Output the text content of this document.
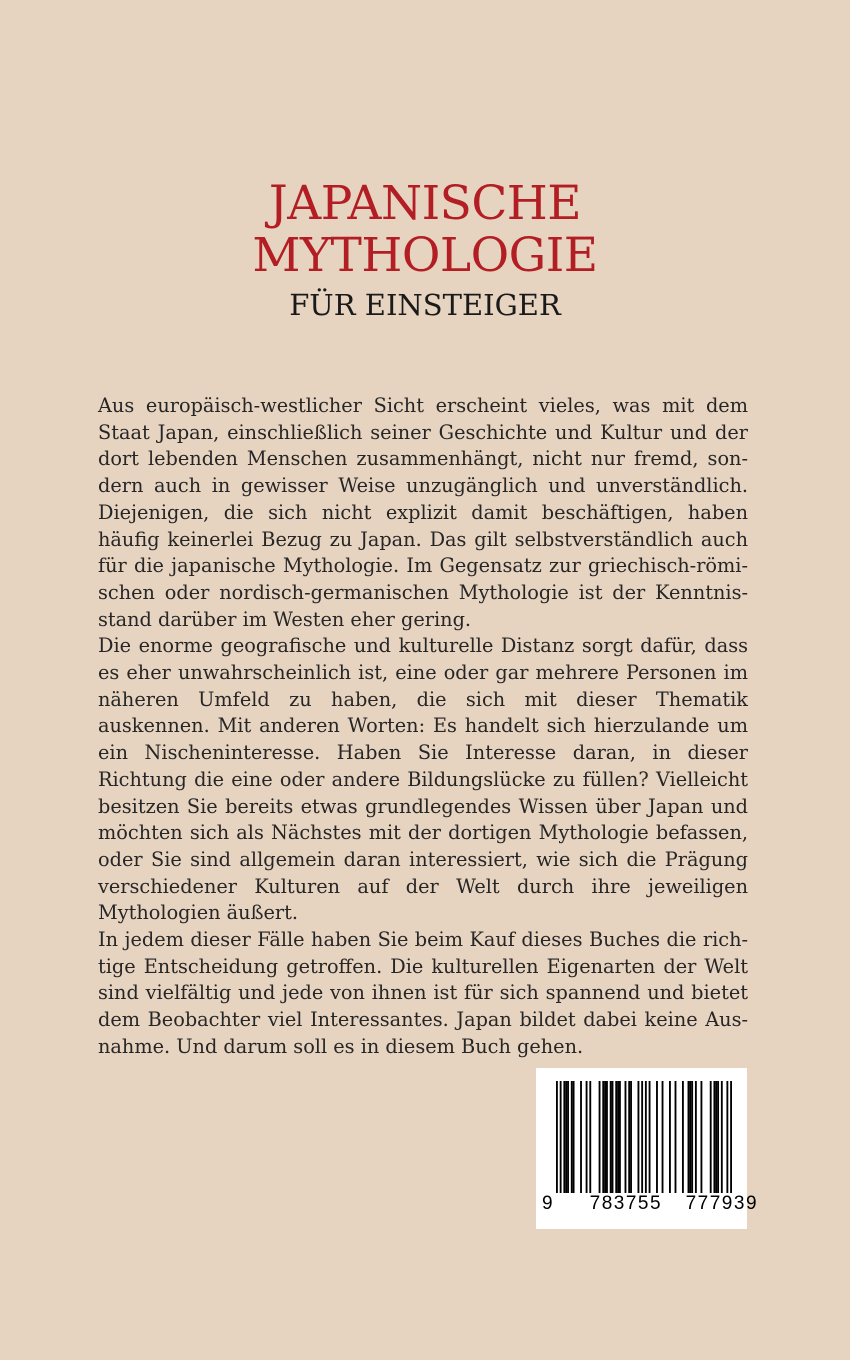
JAPANISCHE
MYTHOLOGIE
FÜR EINSTEIGER

Aus europäisch-westlicher Sicht erscheint vieles, was mit dem Staat Japan, einschließlich seiner Geschichte und Kultur und der dort lebenden Menschen zusammenhängt, nicht nur fremd, sondern auch in gewisser Weise unzugänglich und unverständlich. Diejenigen, die sich nicht explizit damit beschäftigen, haben häufig keinerlei Bezug zu Japan. Das gilt selbstverständlich auch für die japanische Mythologie. Im Gegensatz zur griechisch-römischen oder nordisch-germanischen Mythologie ist der Kenntnisstand darüber im Westen eher gering.

Die enorme geografische und kulturelle Distanz sorgt dafür, dass es eher unwahrscheinlich ist, eine oder gar mehrere Personen im näheren Umfeld zu haben, die sich mit dieser Thematik auskennen. Mit anderen Worten: Es handelt sich hierzulande um ein Nischeninteresse. Haben Sie Interesse daran, in dieser Richtung die eine oder andere Bildungslücke zu füllen? Vielleicht besitzen Sie bereits etwas grundlegendes Wissen über Japan und möchten sich als Nächstes mit der dortigen Mythologie befassen, oder Sie sind allgemein daran interessiert, wie sich die Prägung verschiedener Kulturen auf der Welt durch ihre jeweiligen Mythologien äußert.

In jedem dieser Fälle haben Sie beim Kauf dieses Buches die richtige Entscheidung getroffen. Die kulturellen Eigenarten der Welt sind vielfältig und jede von ihnen ist für sich spannend und bietet dem Beobachter viel Interessantes. Japan bildet dabei keine Ausnahme. Und darum soll es in diesem Buch gehen.

9 783755 777939
